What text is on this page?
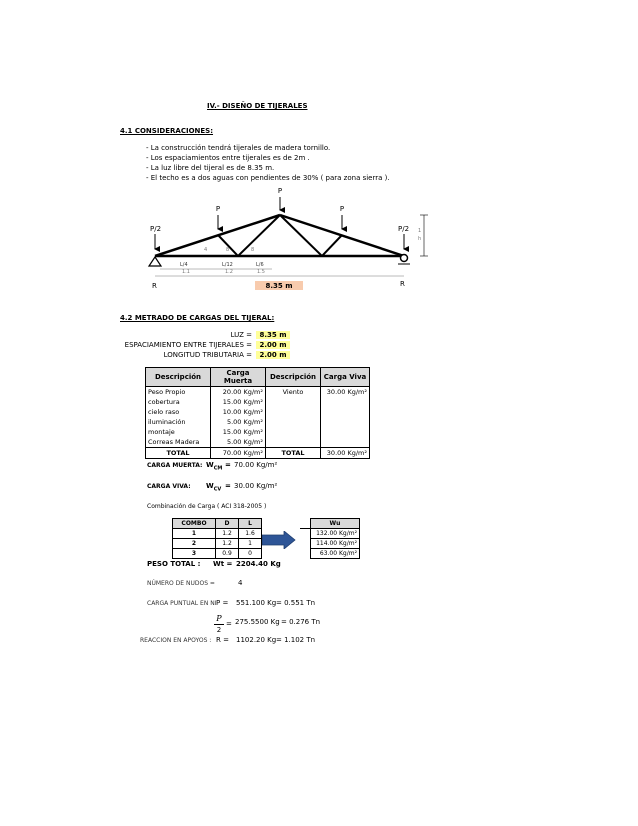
IV.- DISEÑO DE TIJERALES
4.1 CONSIDERACIONES:
- La construcción tendrá tijerales de madera tornillo.
- Los espaciamientos entre tijerales es de 2m .
- La luz libre del tijeral es de 8.35 m.
- El techo es a dos aguas con pendientes de 30% ( para zona sierra ).
P
P	P
P/2	P/2
R	R
8.35 m
L/4
1.1
L/12
1.2
L/6
1.5
4	8	8
h
1
4.2 METRADO DE CARGAS DEL TIJERAL:
LUZ =	8.35 m
ESPACIAMIENTO ENTRE TIJERALES =	2.00 m
LONGITUD TRIBUTARIA =	2.00 m
Descripción	Carga Muerta	Descripción	Carga Viva
Peso Propio	20.00 Kg/m²	Viento	30.00 Kg/m²
cobertura	15.00 Kg/m²		
cielo raso	10.00 Kg/m²		
iluminación	5.00 Kg/m²		
montaje	15.00 Kg/m²		
Correas Madera	5.00 Kg/m²		
TOTAL	70.00 Kg/m²	TOTAL	30.00 Kg/m²
CARGA MUERTA: $W_{CM} = 70.00$ Kg/m²
CARGA VIVA: $W_{CV} = 30.00$ Kg/m²
Combinación de Carga ( ACI 318-2005 )
COMBO	D	L
1	1.2	1.6
2	1.2	1
3	0.9	0
	Wu
	132.00 Kg/m²
	114.00 Kg/m²
	63.00 Kg/m²
PESO TOTAL : Wt = 2204.40 Kg
NÚMERO DE NUDOS =	4
CARGA PUNTUAL EN NI P = 551.100 Kg = 0.551 Tn
P
2
= 275.5500 Kg = 0.276 Tn
REACCION EN APOYOS : R = 1102.20 Kg = 1.102 Tn
